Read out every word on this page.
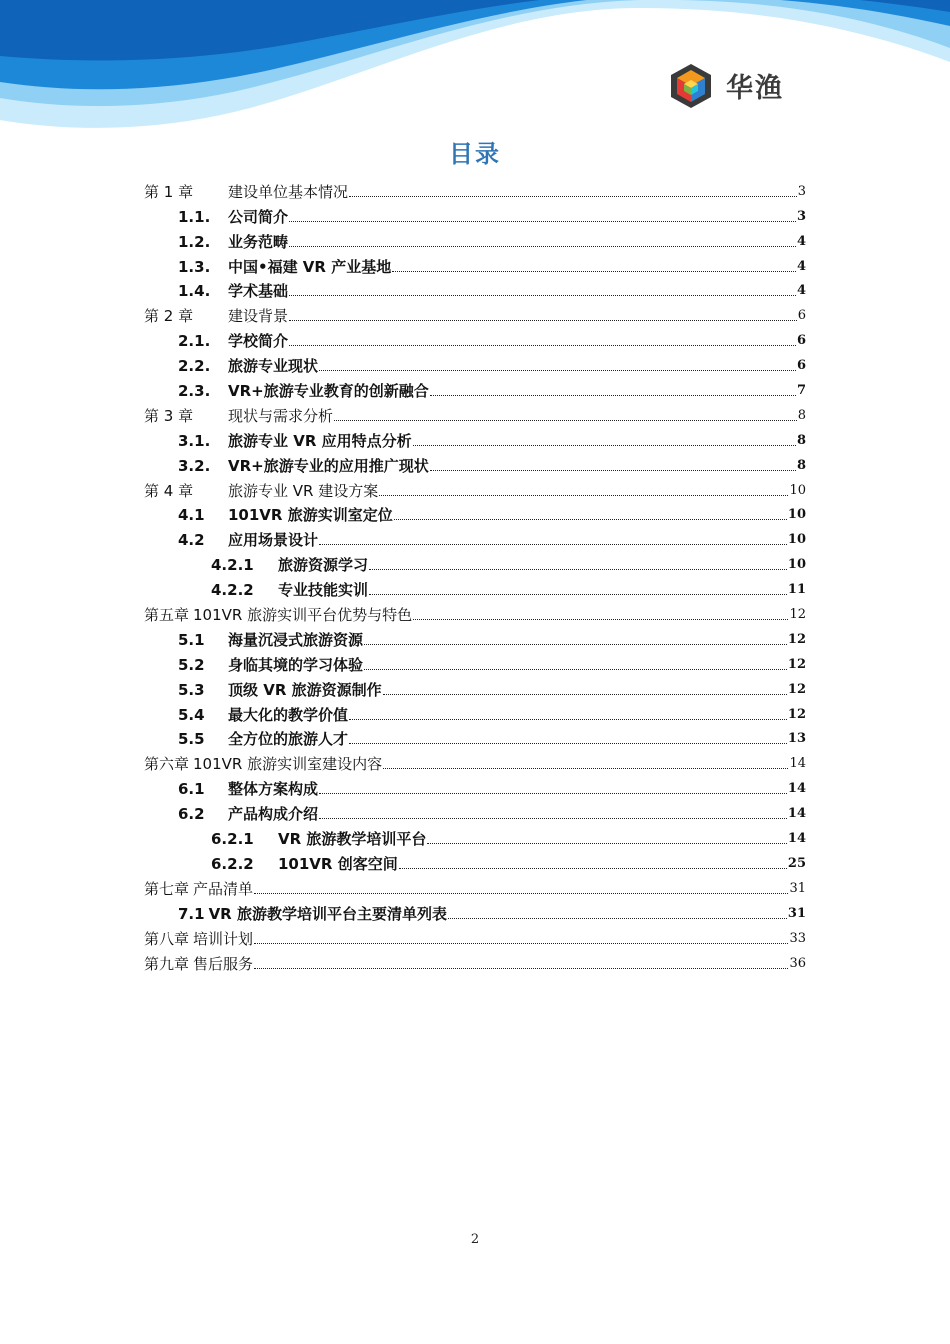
华渔
目录
第 1 章	建设单位基本情况	3
1.1.	公司简介	3
1.2.	业务范畴	4
1.3.	中国•福建 VR 产业基地	4
1.4.	学术基础	4
第 2 章	建设背景	6
2.1.	学校简介	6
2.2.	旅游专业现状	6
2.3.	VR+旅游专业教育的创新融合	7
第 3 章	现状与需求分析	8
3.1.	旅游专业 VR 应用特点分析	8
3.2.	VR+旅游专业的应用推广现状	8
第 4 章	旅游专业 VR 建设方案	10
4.1	101VR 旅游实训室定位	10
4.2	应用场景设计	10
4.2.1	旅游资源学习	10
4.2.2	专业技能实训	11
第五章 101VR 旅游实训平台优势与特色	12
5.1	海量沉浸式旅游资源	12
5.2	身临其境的学习体验	12
5.3	顶级 VR 旅游资源制作	12
5.4	最大化的教学价值	12
5.5	全方位的旅游人才	13
第六章 101VR 旅游实训室建设内容	14
6.1	整体方案构成	14
6.2	产品构成介绍	14
6.2.1	VR 旅游教学培训平台	14
6.2.2	101VR 创客空间	25
第七章 产品清单	31
7.1 VR 旅游教学培训平台主要清单列表	31
第八章 培训计划	33
第九章 售后服务	36
2
